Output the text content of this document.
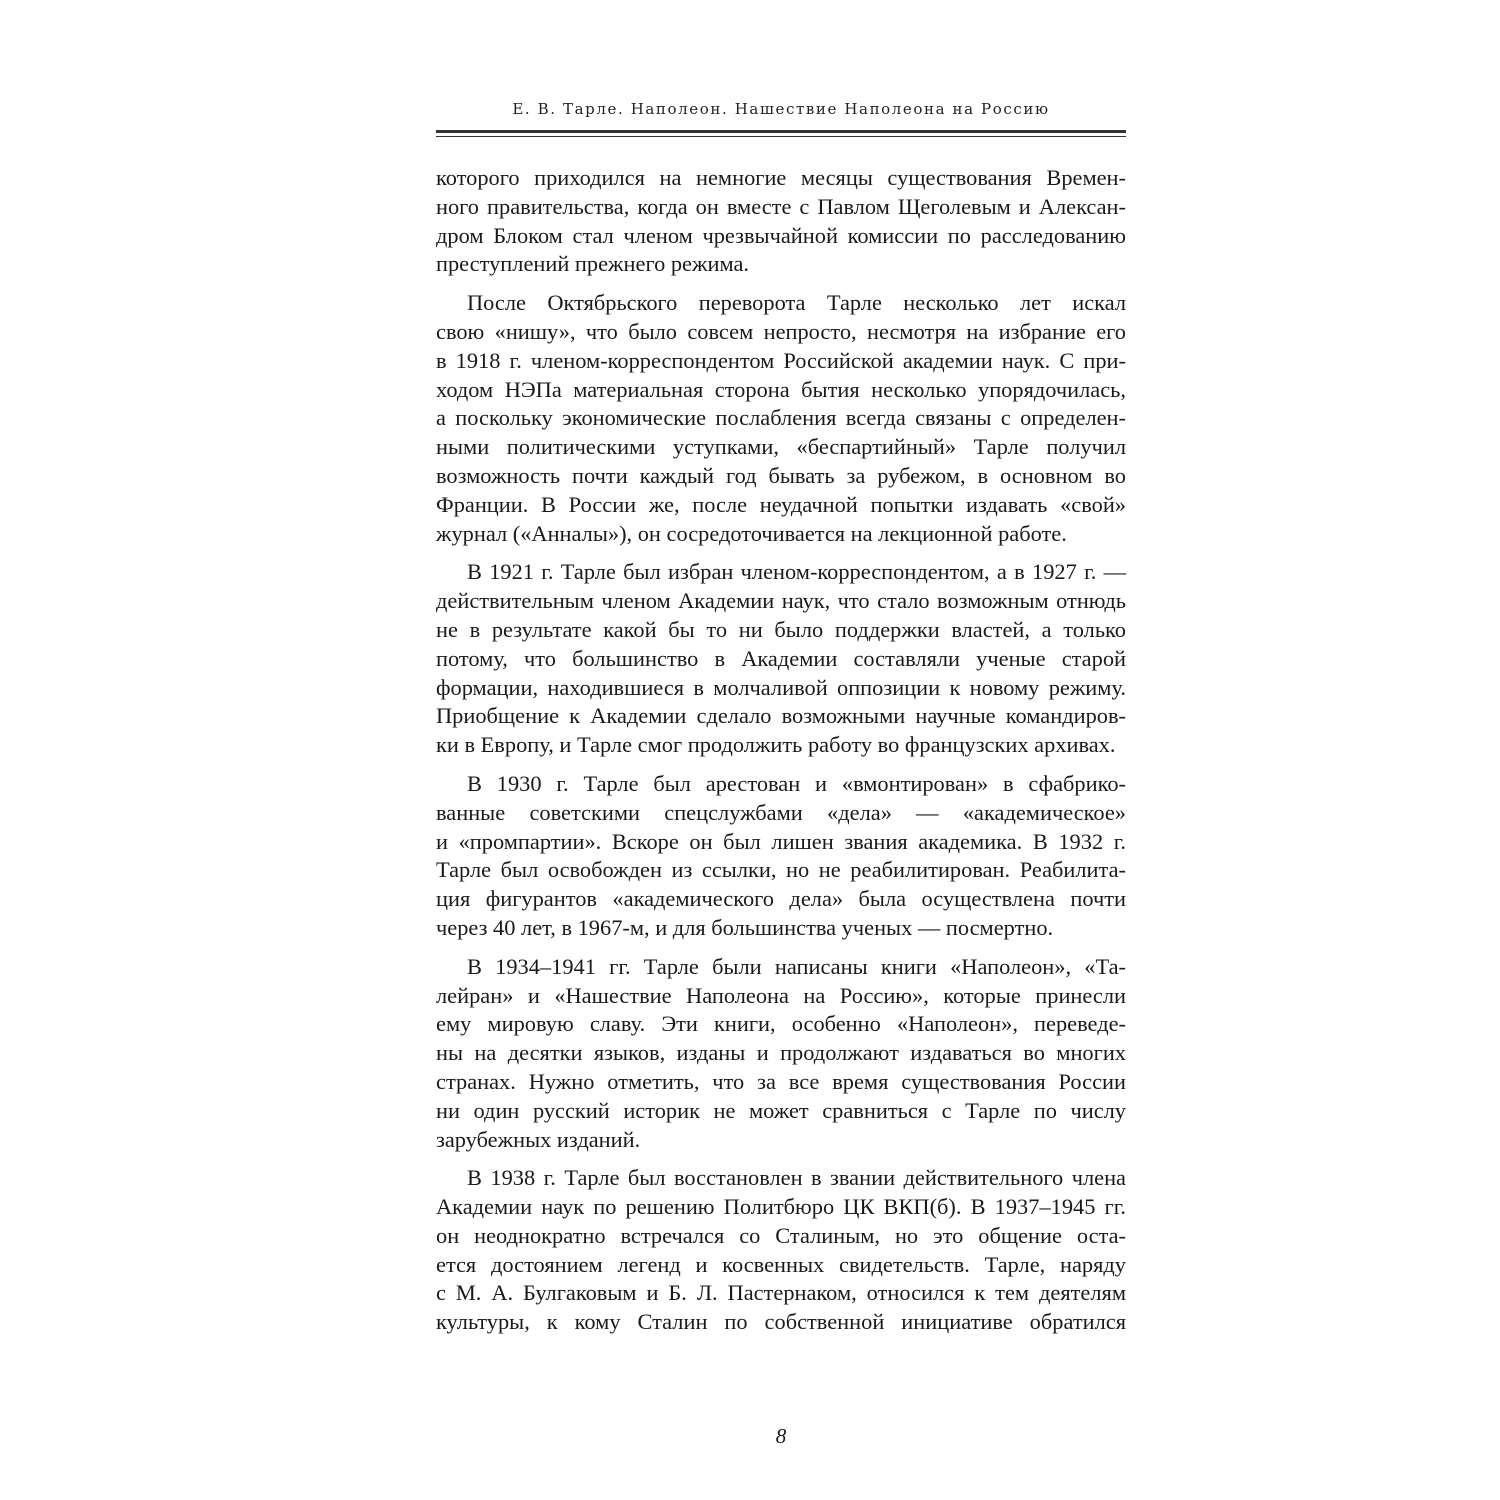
Е. В. Тарле. Наполеон. Нашествие Наполеона на Россию
которого приходился на немногие месяцы существования Времен-
ного правительства, когда он вместе с Павлом Щеголевым и Алексан-
дром Блоком стал членом чрезвычайной комиссии по расследованию
преступлений прежнего режима.
После Октябрьского переворота Тарле несколько лет искал
свою «нишу», что было совсем непросто, несмотря на избрание его
в 1918 г. членом-корреспондентом Российской академии наук. С при-
ходом НЭПа материальная сторона бытия несколько упорядочилась,
а поскольку экономические послабления всегда связаны с определен-
ными политическими уступками, «беспартийный» Тарле получил
возможность почти каждый год бывать за рубежом, в основном во
Франции. В России же, после неудачной попытки издавать «свой»
журнал («Анналы»), он сосредоточивается на лекционной работе.
В 1921 г. Тарле был избран членом-корреспондентом, а в 1927 г. —
действительным членом Академии наук, что стало возможным отнюдь
не в результате какой бы то ни было поддержки властей, а только
потому, что большинство в Академии составляли ученые старой
формации, находившиеся в молчаливой оппозиции к новому режиму.
Приобщение к Академии сделало возможными научные командиров-
ки в Европу, и Тарле смог продолжить работу во французских архивах.
В 1930 г. Тарле был арестован и «вмонтирован» в сфабрико-
ванные советскими спецслужбами «дела» — «академическое»
и «промпартии». Вскоре он был лишен звания академика. В 1932 г.
Тарле был освобожден из ссылки, но не реабилитирован. Реабилита-
ция фигурантов «академического дела» была осуществлена почти
через 40 лет, в 1967-м, и для большинства ученых — посмертно.
В 1934–1941 гг. Тарле были написаны книги «Наполеон», «Та-
лейран» и «Нашествие Наполеона на Россию», которые принесли
ему мировую славу. Эти книги, особенно «Наполеон», переведе-
ны на десятки языков, изданы и продолжают издаваться во многих
странах. Нужно отметить, что за все время существования России
ни один русский историк не может сравниться с Тарле по числу
зарубежных изданий.
В 1938 г. Тарле был восстановлен в звании действительного члена
Академии наук по решению Политбюро ЦК ВКП(б). В 1937–1945 гг.
он неоднократно встречался со Сталиным, но это общение оста-
ется достоянием легенд и косвенных свидетельств. Тарле, наряду
с М. А. Булгаковым и Б. Л. Пастернаком, относился к тем деятелям
культуры, к кому Сталин по собственной инициативе обратился
8
